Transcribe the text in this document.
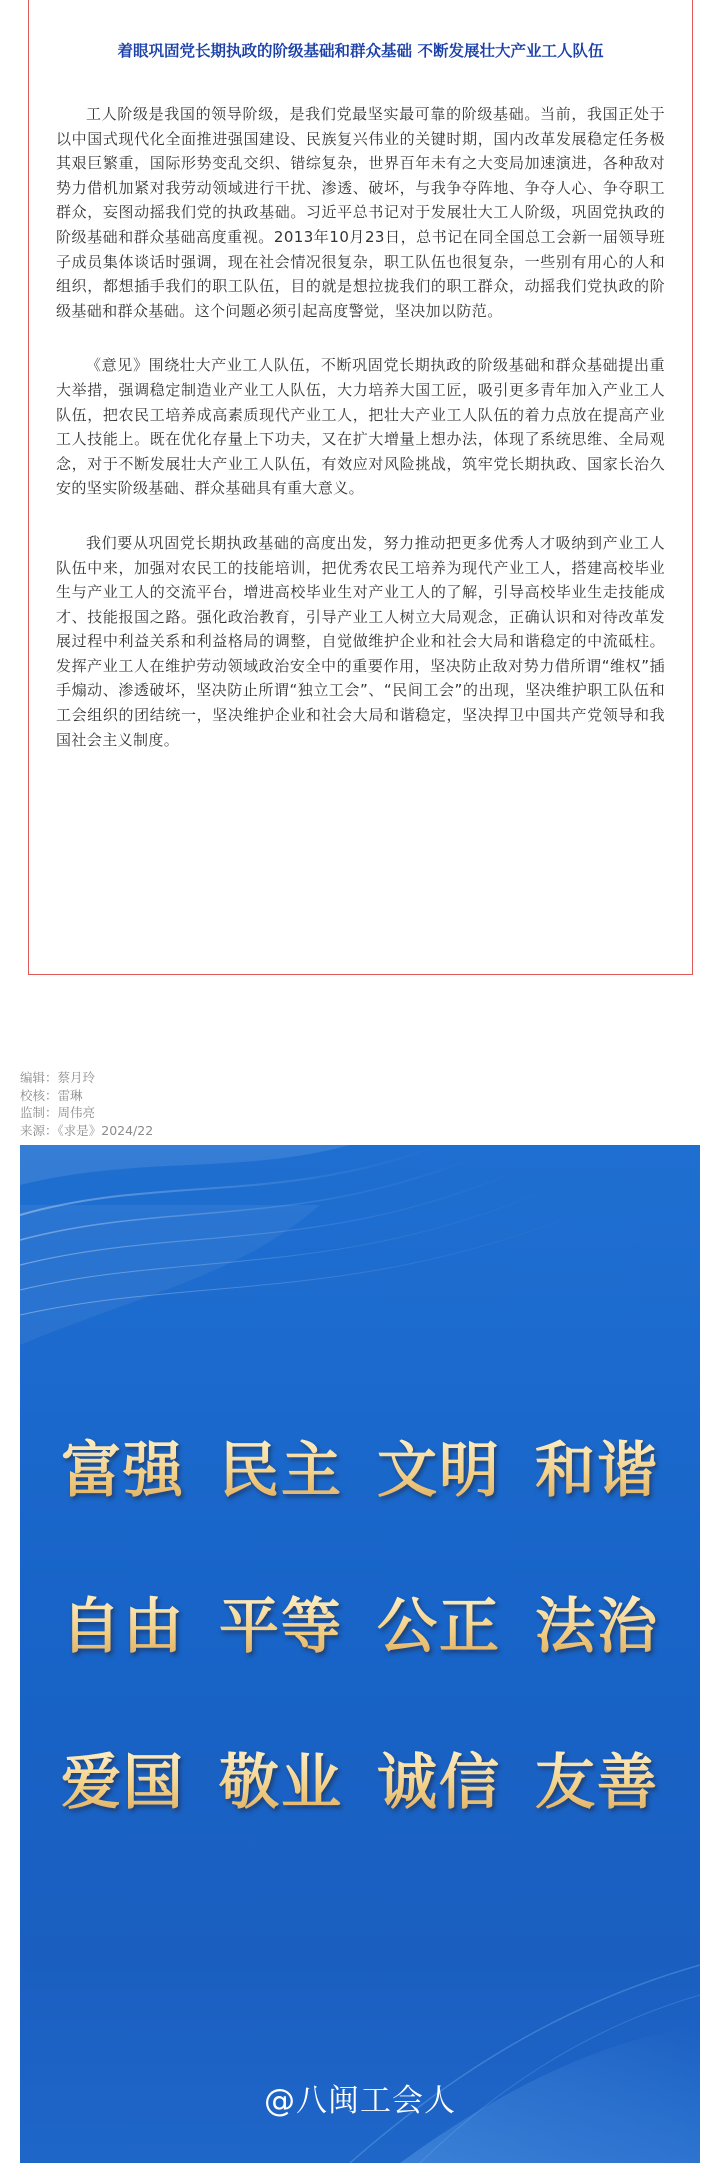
着眼巩固党长期执政的阶级基础和群众基础 不断发展壮大产业工人队伍

工人阶级是我国的领导阶级，是我们党最坚实最可靠的阶级基础。当前，我国正处于以中国式现代化全面推进强国建设、民族复兴伟业的关键时期，国内改革发展稳定任务极其艰巨繁重，国际形势变乱交织、错综复杂，世界百年未有之大变局加速演进，各种敌对势力借机加紧对我劳动领域进行干扰、渗透、破坏，与我争夺阵地、争夺人心、争夺职工群众，妄图动摇我们党的执政基础。习近平总书记对于发展壮大工人阶级，巩固党执政的阶级基础和群众基础高度重视。2013年10月23日，总书记在同全国总工会新一届领导班子成员集体谈话时强调，现在社会情况很复杂，职工队伍也很复杂，一些别有用心的人和组织，都想插手我们的职工队伍，目的就是想拉拢我们的职工群众，动摇我们党执政的阶级基础和群众基础。这个问题必须引起高度警觉，坚决加以防范。

《意见》围绕壮大产业工人队伍，不断巩固党长期执政的阶级基础和群众基础提出重大举措，强调稳定制造业产业工人队伍，大力培养大国工匠，吸引更多青年加入产业工人队伍，把农民工培养成高素质现代产业工人，把壮大产业工人队伍的着力点放在提高产业工人技能上。既在优化存量上下功夫，又在扩大增量上想办法，体现了系统思维、全局观念，对于不断发展壮大产业工人队伍，有效应对风险挑战，筑牢党长期执政、国家长治久安的坚实阶级基础、群众基础具有重大意义。

我们要从巩固党长期执政基础的高度出发，努力推动把更多优秀人才吸纳到产业工人队伍中来，加强对农民工的技能培训，把优秀农民工培养为现代产业工人，搭建高校毕业生与产业工人的交流平台，增进高校毕业生对产业工人的了解，引导高校毕业生走技能成才、技能报国之路。强化政治教育，引导产业工人树立大局观念，正确认识和对待改革发展过程中利益关系和利益格局的调整，自觉做维护企业和社会大局和谐稳定的中流砥柱。发挥产业工人在维护劳动领域政治安全中的重要作用，坚决防止敌对势力借所谓“维权”插手煽动、渗透破坏，坚决防止所谓“独立工会”、“民间工会”的出现，坚决维护职工队伍和工会组织的团结统一，坚决维护企业和社会大局和谐稳定，坚决捍卫中国共产党领导和我国社会主义制度。

编辑：蔡月玲
校核：雷琳
监制：周伟亮
来源：《求是》2024/22
富强 民主 文明 和谐
自由 平等 公正 法治
爱国 敬业 诚信 友善
@八闽工会人
